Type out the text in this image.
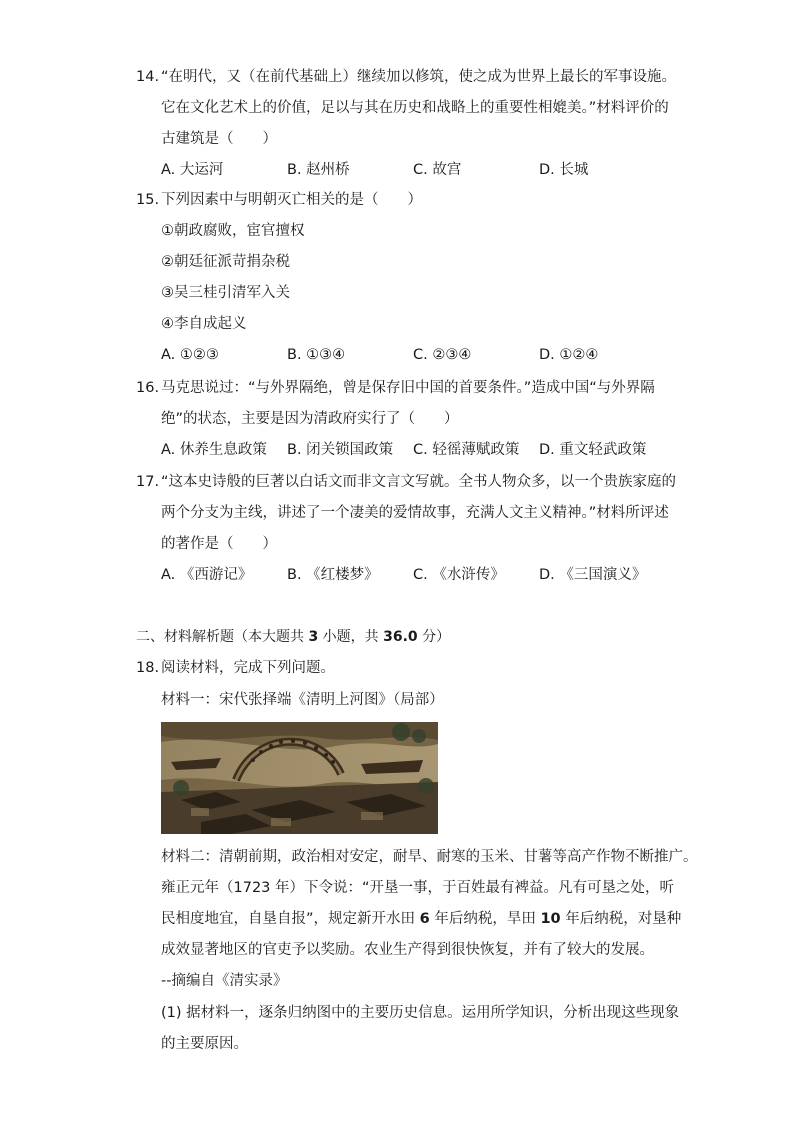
14. “在明代，又（在前代基础上）继续加以修筑，使之成为世界上最长的军事设施。
它在文化艺术上的价值，足以与其在历史和战略上的重要性相媲美。”材料评价的
古建筑是（　　）
A. 大运河	B. 赵州桥	C. 故宫	D. 长城
15. 下列因素中与明朝灭亡相关的是（　　）
①朝政腐败，宦官擅权
②朝廷征派苛捐杂税
③吴三桂引清军入关
④李自成起义
A. ①②③	B. ①③④	C. ②③④	D. ①②④
16. 马克思说过：“与外界隔绝，曾是保存旧中国的首要条件。”造成中国“与外界隔
绝”的状态，主要是因为清政府实行了（　　）
A. 休养生息政策 B. 闭关锁国政策 C. 轻徭薄赋政策 D. 重文轻武政策
17. “这本史诗般的巨著以白话文而非文言文写就。全书人物众多，以一个贵族家庭的
两个分支为主线，讲述了一个凄美的爱情故事，充满人文主义精神。”材料所评述
的著作是（　　）
A. 《西游记》 B. 《红楼梦》 C. 《水浒传》 D. 《三国演义》
二、材料解析题（本大题共 3 小题，共 36.0 分）
18. 阅读材料，完成下列问题。
材料一：宋代张择端《清明上河图》（局部）
材料二：清朝前期，政治相对安定，耐旱、耐寒的玉米、甘薯等高产作物不断推广。
雍正元年（1723 年）下令说：“开垦一事，于百姓最有裨益。凡有可垦之处，听
民相度地宜，自垦自报”，规定新开水田 6 年后纳税，旱田 10 年后纳税，对垦种
成效显著地区的官吏予以奖励。农业生产得到很快恢复，并有了较大的发展。
--摘编自《清实录》
(1) 据材料一，逐条归纳图中的主要历史信息。运用所学知识，分析出现这些现象
的主要原因。
